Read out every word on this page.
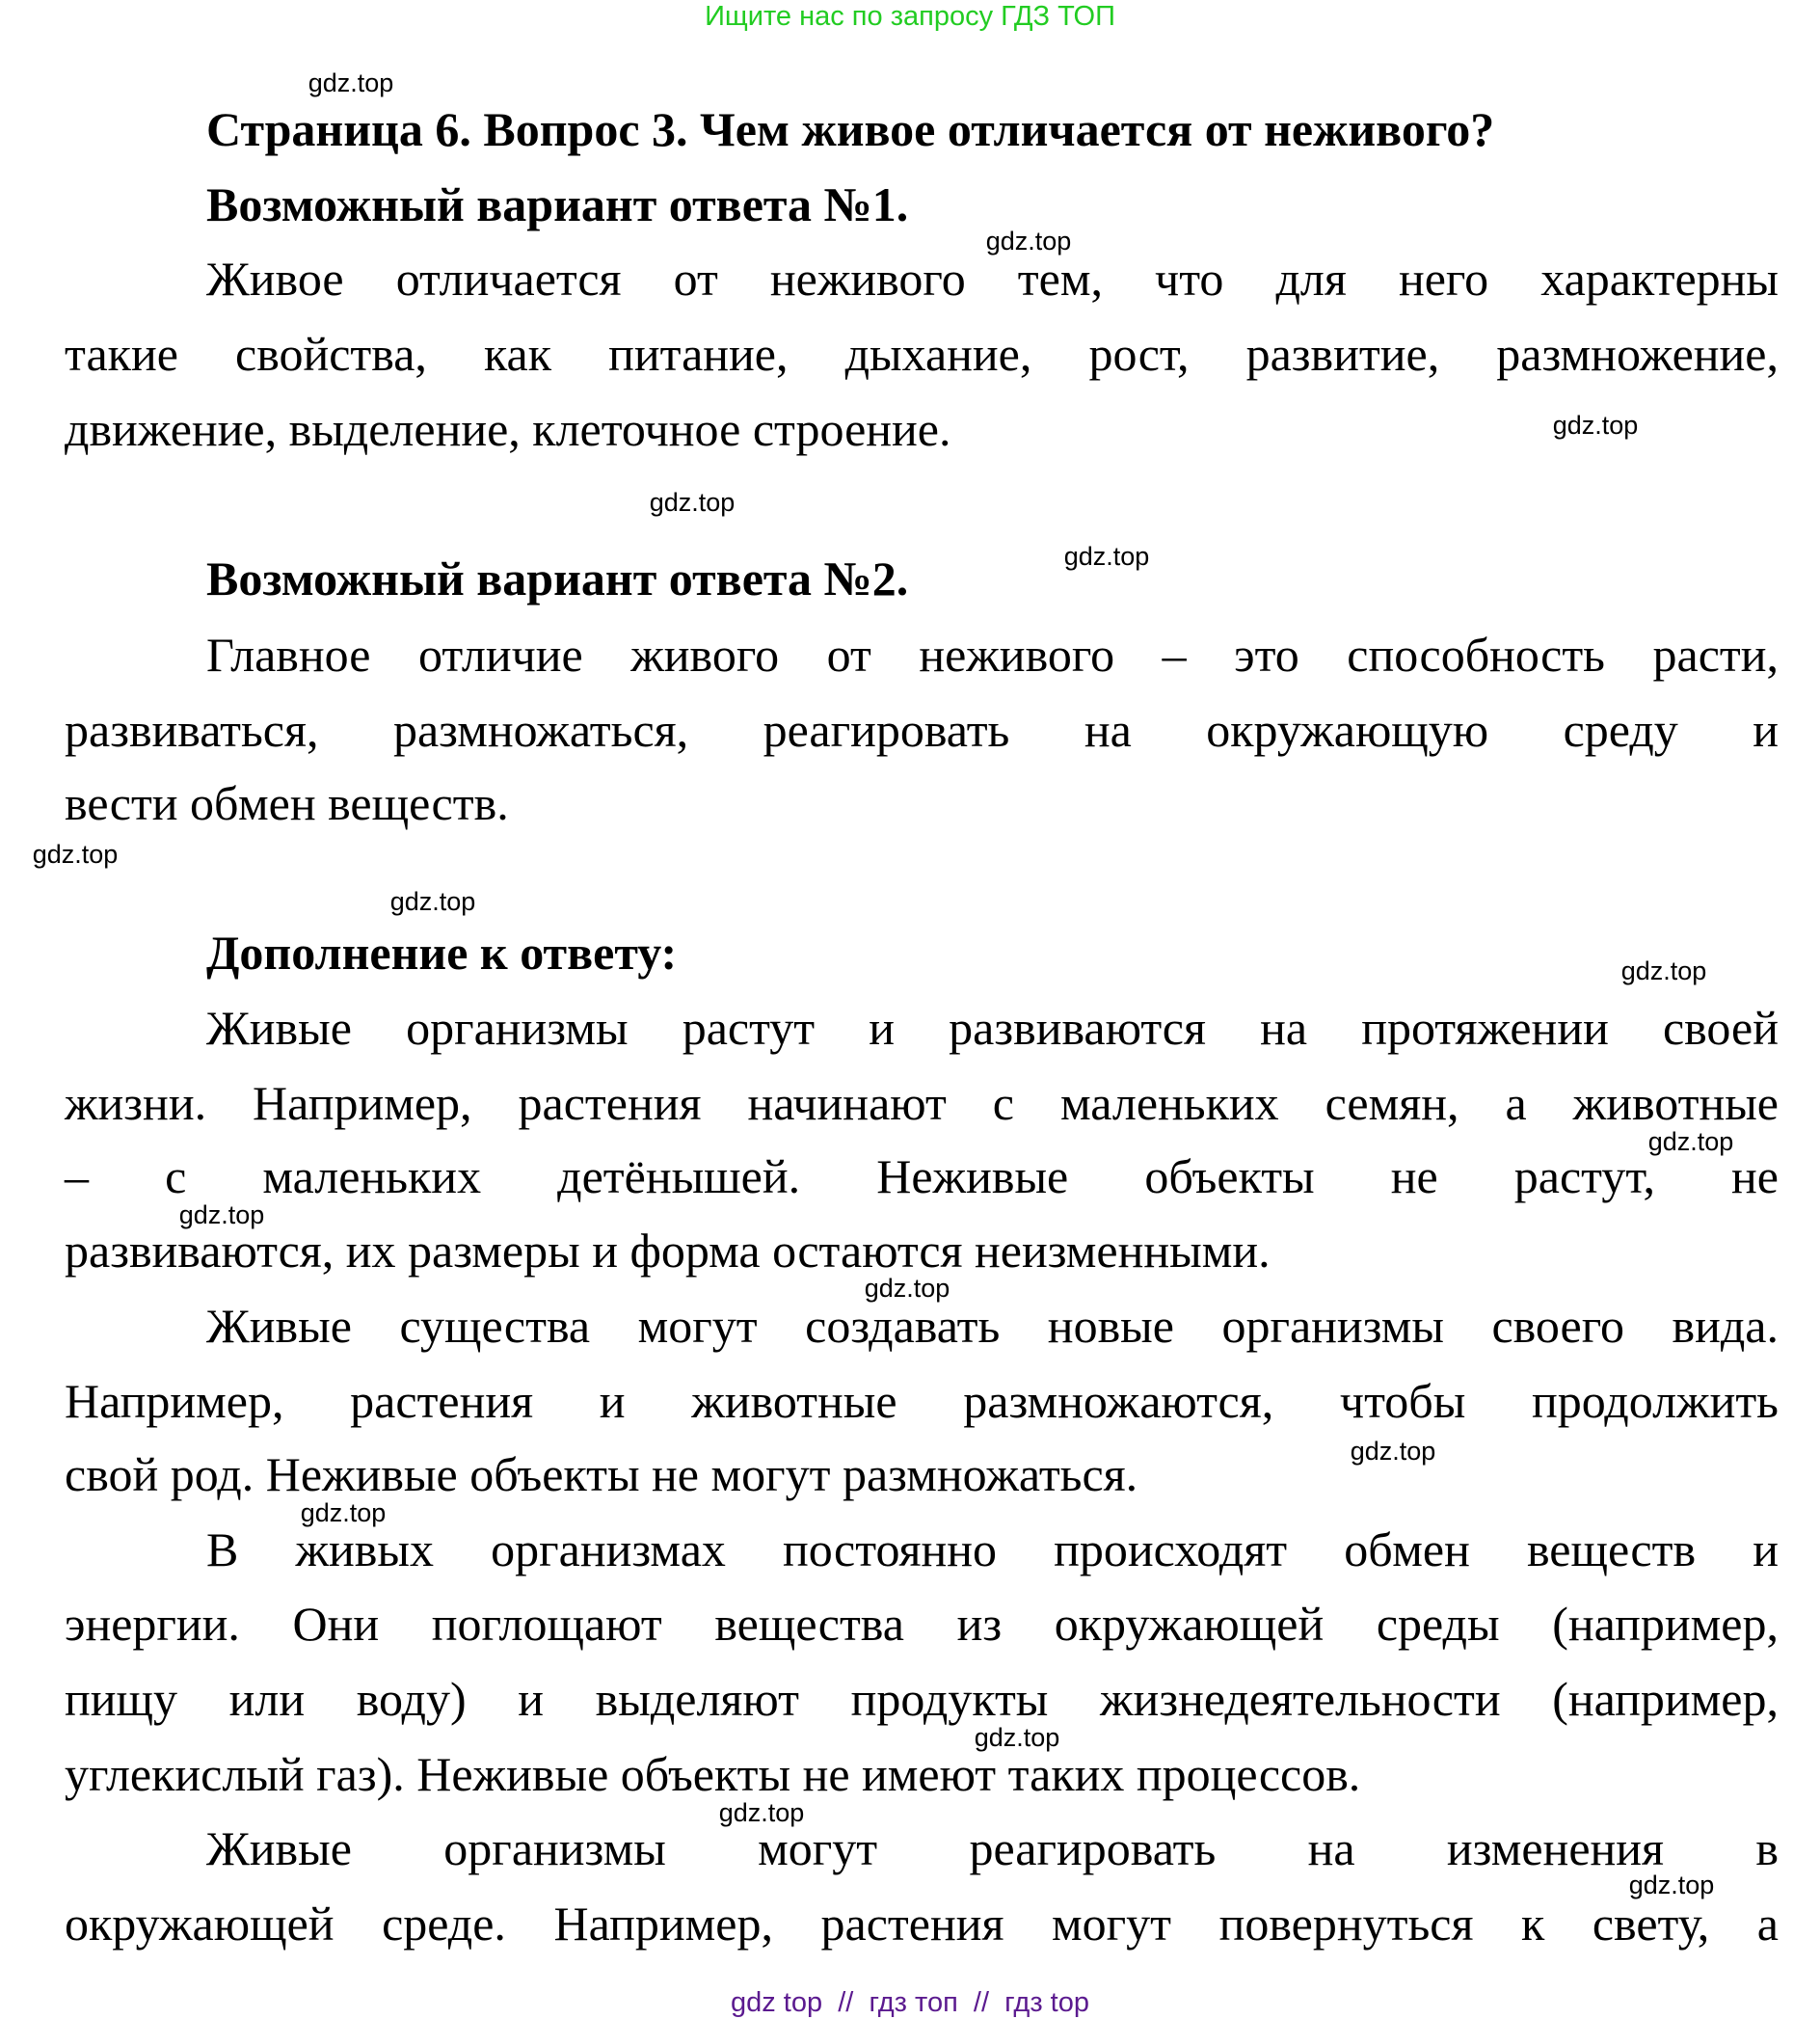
Ищите нас по запросу ГДЗ ТОП
Страница 6. Вопрос 3. Чем живое отличается от неживого?
Возможный вариант ответа №1.
Живое отличается от неживого тем, что для него характерны
такие свойства, как питание, дыхание, рост, развитие, размножение,
движение, выделение, клеточное строение.
Возможный вариант ответа №2.
Главное отличие живого от неживого – это способность расти,
развиваться, размножаться, реагировать на окружающую среду и
вести обмен веществ.
Дополнение к ответу:
Живые организмы растут и развиваются на протяжении своей
жизни. Например, растения начинают с маленьких семян, а животные
– с маленьких детёнышей. Неживые объекты не растут, не
развиваются, их размеры и форма остаются неизменными.
Живые существа могут создавать новые организмы своего вида.
Например, растения и животные размножаются, чтобы продолжить
свой род. Неживые объекты не могут размножаться.
В живых организмах постоянно происходят обмен веществ и
энергии. Они поглощают вещества из окружающей среды (например,
пищу или воду) и выделяют продукты жизнедеятельности (например,
углекислый газ). Неживые объекты не имеют таких процессов.
Живые организмы могут реагировать на изменения в
окружающей среде. Например, растения могут повернуться к свету, а
gdz.top
gdz.top
gdz.top
gdz.top
gdz.top
gdz.top
gdz.top
gdz.top
gdz.top
gdz.top
gdz.top
gdz.top
gdz.top
gdz.top
gdz.top
gdz.top
gdz top  //  гдз топ  //  гдз top
